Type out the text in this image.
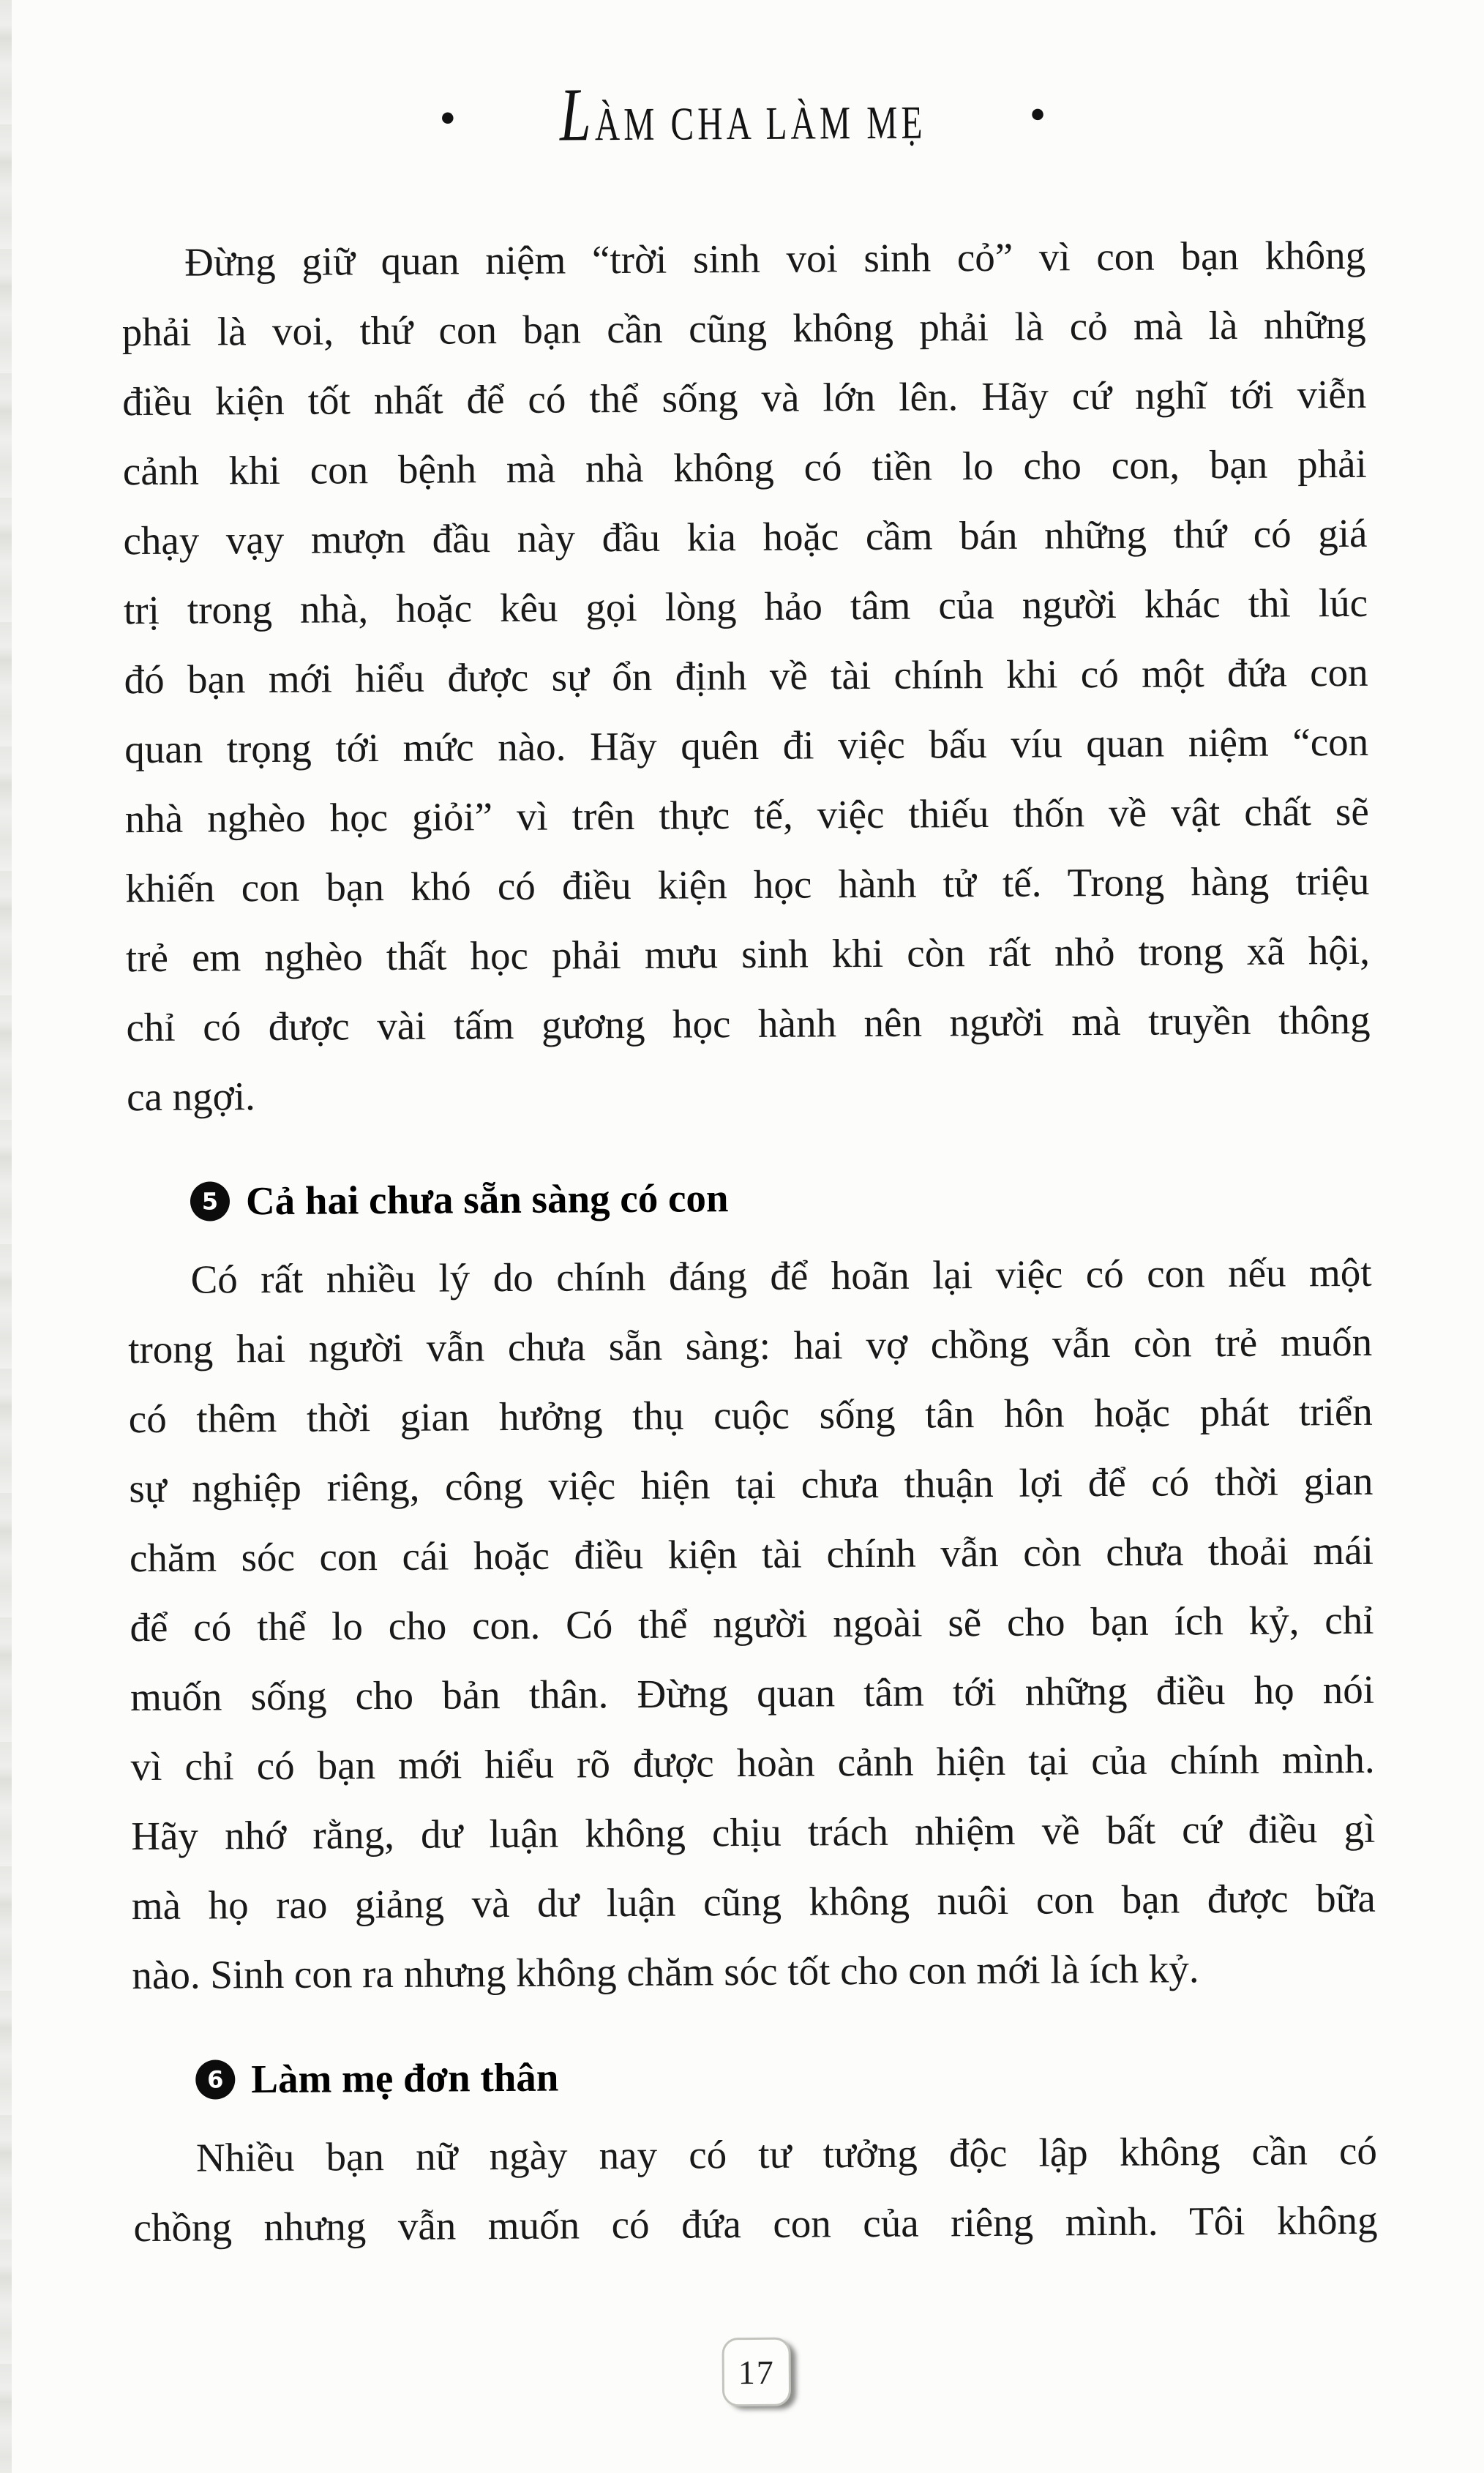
● LÀM CHA LÀM MẸ	●
Đừng giữ quan niệm “trời sinh voi sinh cỏ” vì con bạn không
phải là voi, thứ con bạn cần cũng không phải là cỏ mà là những
điều kiện tốt nhất để có thể sống và lớn lên. Hãy cứ nghĩ tới viễn
cảnh khi con bệnh mà nhà không có tiền lo cho con, bạn phải
chạy vạy mượn đầu này đầu kia hoặc cầm bán những thứ có giá
trị trong nhà, hoặc kêu gọi lòng hảo tâm của người khác thì lúc
đó bạn mới hiểu được sự ổn định về tài chính khi có một đứa con
quan trọng tới mức nào. Hãy quên đi việc bấu víu quan niệm “con
nhà nghèo học giỏi” vì trên thực tế, việc thiếu thốn về vật chất sẽ
khiến con bạn khó có điều kiện học hành tử tế. Trong hàng triệu
trẻ em nghèo thất học phải mưu sinh khi còn rất nhỏ trong xã hội,
chỉ có được vài tấm gương học hành nên người mà truyền thông
ca ngợi.
5 Cả hai chưa sẵn sàng có con
Có rất nhiều lý do chính đáng để hoãn lại việc có con nếu một
trong hai người vẫn chưa sẵn sàng: hai vợ chồng vẫn còn trẻ muốn
có thêm thời gian hưởng thụ cuộc sống tân hôn hoặc phát triển
sự nghiệp riêng, công việc hiện tại chưa thuận lợi để có thời gian
chăm sóc con cái hoặc điều kiện tài chính vẫn còn chưa thoải mái
để có thể lo cho con. Có thể người ngoài sẽ cho bạn ích kỷ, chỉ
muốn sống cho bản thân. Đừng quan tâm tới những điều họ nói
vì chỉ có bạn mới hiểu rõ được hoàn cảnh hiện tại của chính mình.
Hãy nhớ rằng, dư luận không chịu trách nhiệm về bất cứ điều gì
mà họ rao giảng và dư luận cũng không nuôi con bạn được bữa
nào. Sinh con ra nhưng không chăm sóc tốt cho con mới là ích kỷ.
6 Làm mẹ đơn thân
Nhiều bạn nữ ngày nay có tư tưởng độc lập không cần có
chồng nhưng vẫn muốn có đứa con của riêng mình. Tôi không
17
